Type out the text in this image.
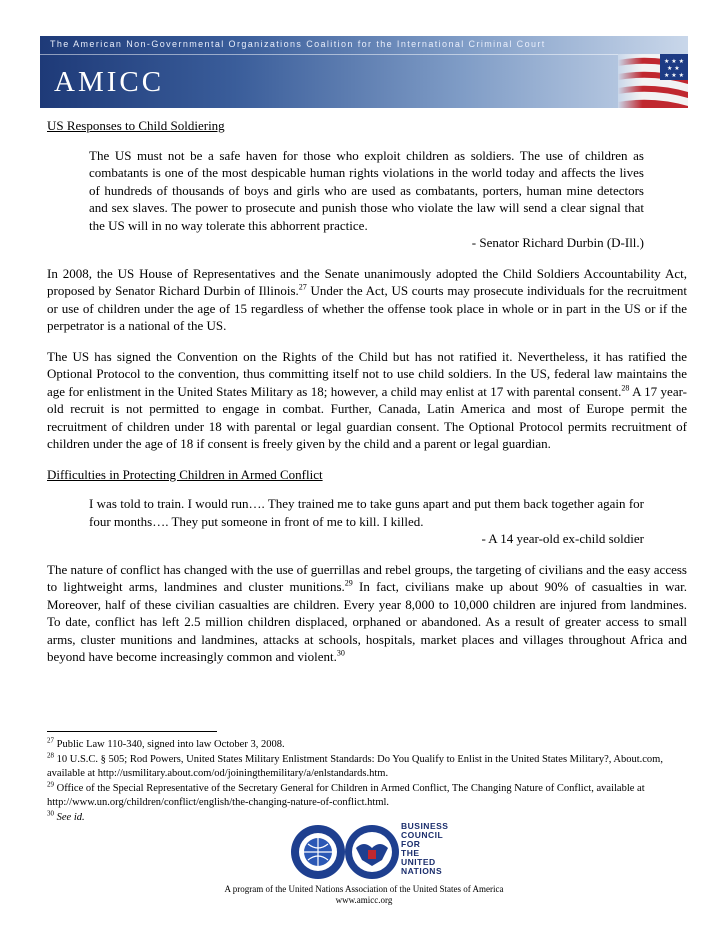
The American Non-Governmental Organizations Coalition for the International Criminal Court
AMICC

US Responses to Child Soldiering

The US must not be a safe haven for those who exploit children as soldiers. The use of children as combatants is one of the most despicable human rights violations in the world today and affects the lives of hundreds of thousands of boys and girls who are used as combatants, porters, human mine detectors and sex slaves. The power to prosecute and punish those who violate the law will send a clear signal that the US will in no way tolerate this abhorrent practice.

- Senator Richard Durbin (D-Ill.)

In 2008, the US House of Representatives and the Senate unanimously adopted the Child Soldiers Accountability Act, proposed by Senator Richard Durbin of Illinois.$^{27}$ Under the Act, US courts may prosecute individuals for the recruitment or use of children under the age of 15 regardless of whether the offense took place in whole or in part in the US or if the perpetrator is a national of the US.

The US has signed the Convention on the Rights of the Child but has not ratified it. Nevertheless, it has ratified the Optional Protocol to the convention, thus committing itself not to use child soldiers. In the US, federal law maintains the age for enlistment in the United States Military as 18; however, a child may enlist at 17 with parental consent.$^{28}$ A 17 year-old recruit is not permitted to engage in combat. Further, Canada, Latin America and most of Europe permit the recruitment of children under 18 with parental or legal guardian consent. The Optional Protocol permits recruitment of children under the age of 18 if consent is freely given by the child and a parent or legal guardian.

Difficulties in Protecting Children in Armed Conflict

I was told to train. I would run…. They trained me to take guns apart and put them back together again for four months…. They put someone in front of me to kill. I killed.

- A 14 year-old ex-child soldier

The nature of conflict has changed with the use of guerrillas and rebel groups, the targeting of civilians and the easy access to lightweight arms, landmines and cluster munitions.$^{29}$ In fact, civilians make up about 90% of casualties in war. Moreover, half of these civilian casualties are children. Every year 8,000 to 10,000 children are injured from landmines. To date, conflict has left 2.5 million children displaced, orphaned or abandoned. As a result of greater access to small arms, cluster munitions and landmines, attacks at schools, hospitals, market places and villages throughout Africa and beyond have become increasingly common and violent.$^{30}$

$^{27}$ Public Law 110-340, signed into law October 3, 2008.

$^{28}$ 10 U.S.C. § 505; Rod Powers, United States Military Enlistment Standards: Do You Qualify to Enlist in the United States Military?, About.com, available at http://usmilitary.about.com/od/joiningthemilitary/a/enlstandards.htm.

$^{29}$ Office of the Special Representative of the Secretary General for Children in Armed Conflict, The Changing Nature of Conflict, available at http://www.un.org/children/conflict/english/the-changing-nature-of-conflict.html.

$^{30}$ See id.

BUSINESS
COUNCIL
FOR
THE
UNITED
NATIONS
A program of the United Nations Association of the United States of America
www.amicc.org
